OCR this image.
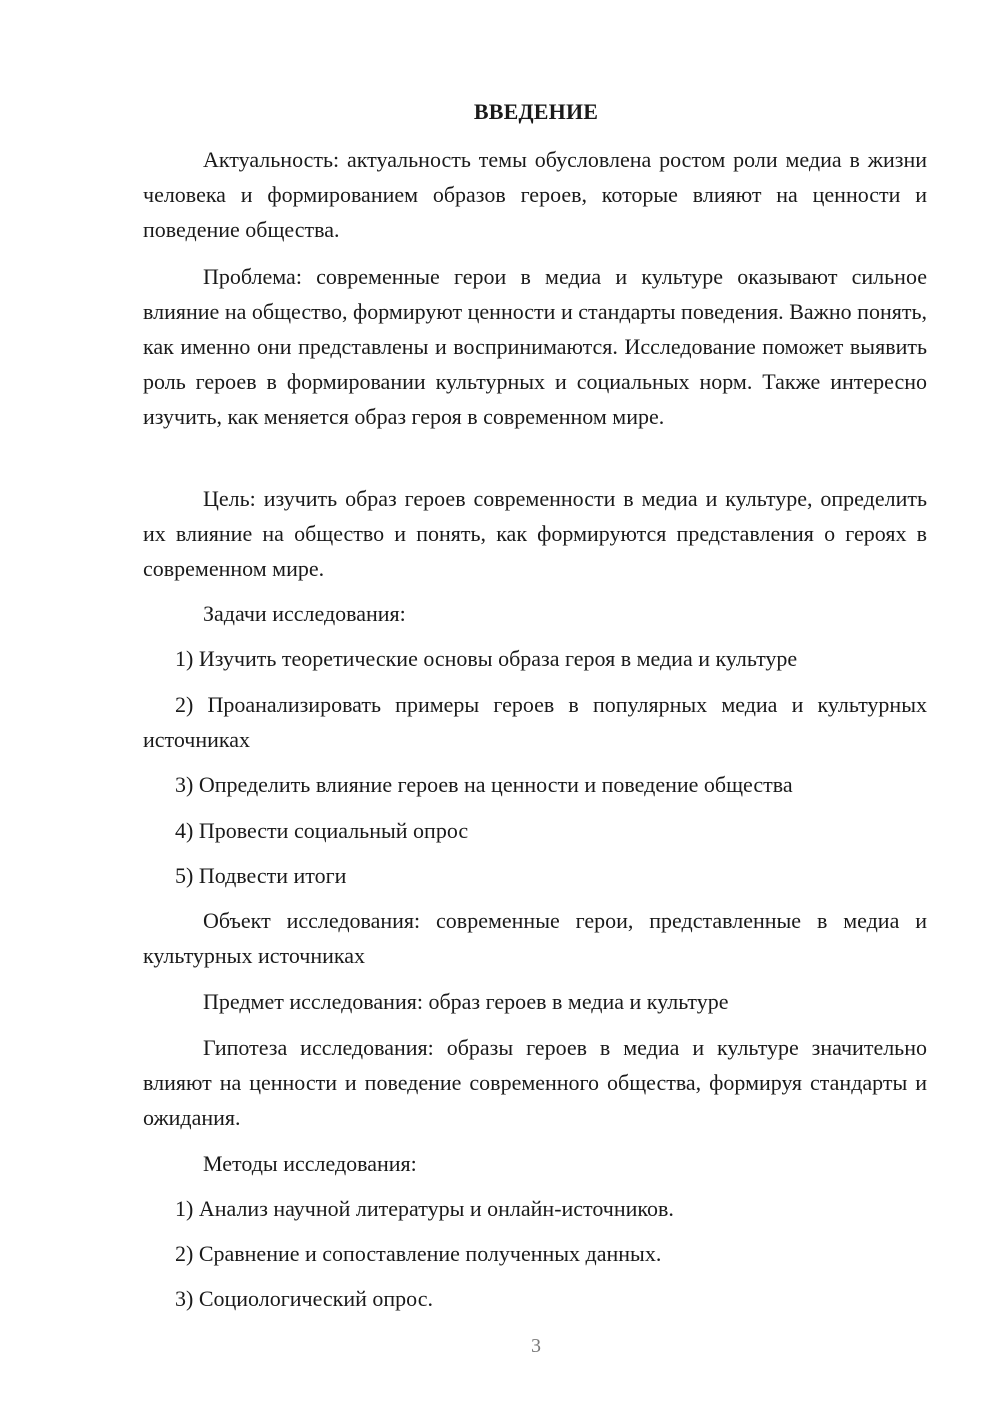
ВВЕДЕНИЕ

Актуальность: актуальность темы обусловлена ростом роли медиа в жизни человека и формированием образов героев, которые влияют на ценности и поведение общества.

Проблема: современные герои в медиа и культуре оказывают сильное влияние на общество, формируют ценности и стандарты поведения. Важно понять, как именно они представлены и воспринимаются. Исследование поможет выявить роль героев в формировании культурных и социальных норм. Также интересно изучить, как меняется образ героя в современном мире.

Цель: изучить образ героев современности в медиа и культуре, определить их влияние на общество и понять, как формируются представления о героях в современном мире.

Задачи исследования:

1) Изучить теоретические основы образа героя в медиа и культуре

2) Проанализировать примеры героев в популярных медиа и культурных источниках

3) Определить влияние героев на ценности и поведение общества

4) Провести социальный опрос

5) Подвести итоги

Объект исследования: современные герои, представленные в медиа и культурных источниках

Предмет исследования: образ героев в медиа и культуре

Гипотеза исследования: образы героев в медиа и культуре значительно влияют на ценности и поведение современного общества, формируя стандарты и ожидания.

Методы исследования:

1) Анализ научной литературы и онлайн-источников.

2) Сравнение и сопоставление полученных данных.

3) Социологический опрос.

3
